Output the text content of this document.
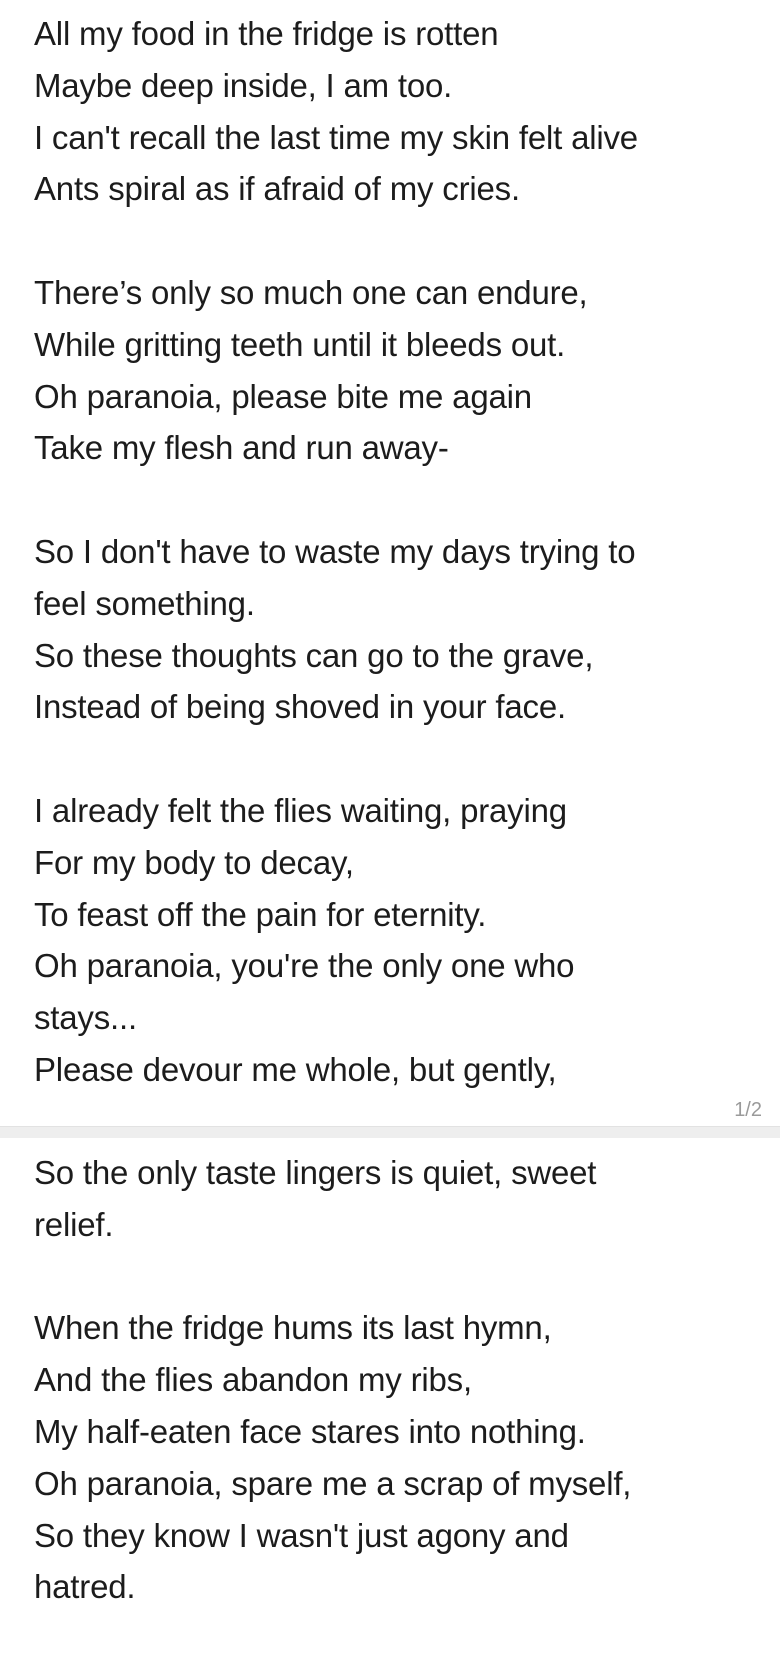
All my food in the fridge is rotten
Maybe deep inside, I am too.
I can't recall the last time my skin felt alive
Ants spiral as if afraid of my cries.
There’s only so much one can endure,
While gritting teeth until it bleeds out.
Oh paranoia, please bite me again
Take my flesh and run away-
So I don't have to waste my days trying to
feel something.
So these thoughts can go to the grave,
Instead of being shoved in your face.
I already felt the flies waiting, praying
For my body to decay,
To feast off the pain for eternity.
Oh paranoia, you're the only one who
stays...
Please devour me whole, but gently,
1/2
So the only taste lingers is quiet, sweet
relief.
When the fridge hums its last hymn,
And the flies abandon my ribs,
My half-eaten face stares into nothing.
Oh paranoia, spare me a scrap of myself,
So they know I wasn't just agony and
hatred.
